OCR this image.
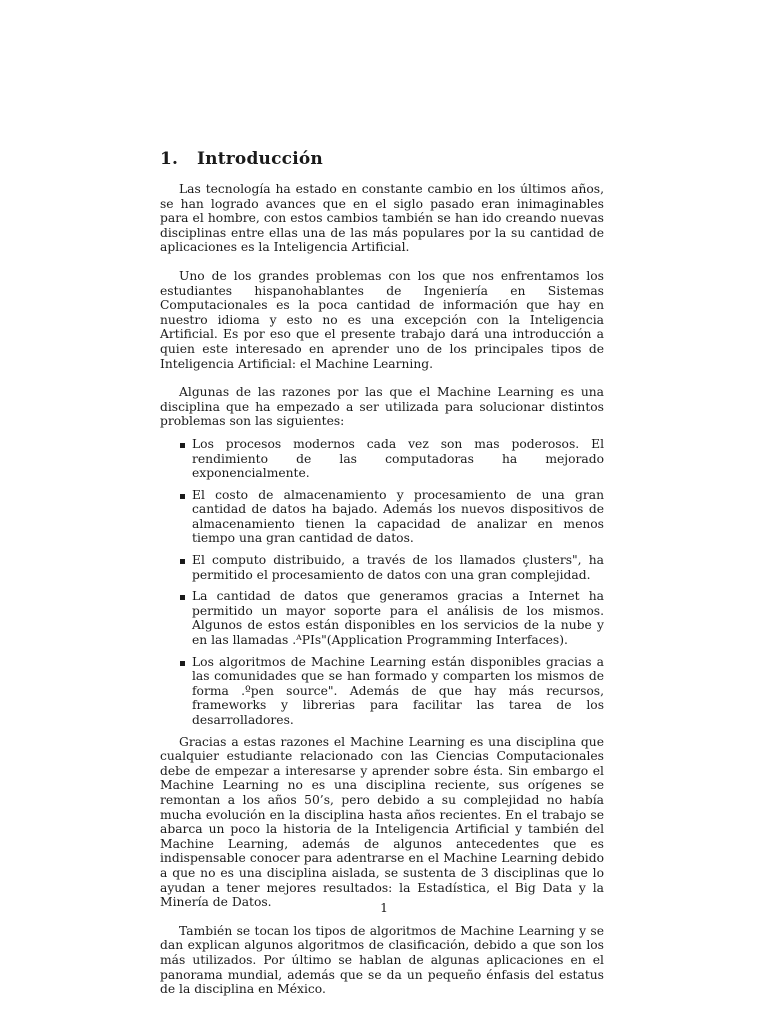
1. Introducción

Las tecnología ha estado en constante cambio en los últimos años, se han logrado avances que en el siglo pasado eran inimaginables para el hombre, con estos cambios también se han ido creando nuevas disciplinas entre ellas una de las más populares por la su cantidad de aplicaciones es la Inteligencia Artificial.

Uno de los grandes problemas con los que nos enfrentamos los estudiantes hispanohablantes de Ingeniería en Sistemas Computacionales es la poca cantidad de información que hay en nuestro idioma y esto no es una excepción con la Inteligencia Artificial. Es por eso que el presente trabajo dará una introducción a quien este interesado en aprender uno de los principales tipos de Inteligencia Artificial: el Machine Learning.

Algunas de las razones por las que el Machine Learning es una disciplina que ha empezado a ser utilizada para solucionar distintos problemas son las siguientes:

Los procesos modernos cada vez son mas poderosos. El rendimiento de las computadoras ha mejorado exponencialmente.
El costo de almacenamiento y procesamiento de una gran cantidad de datos ha bajado. Además los nuevos dispositivos de almacenamiento tienen la capacidad de analizar en menos tiempo una gran cantidad de datos.
El computo distribuido, a través de los llamados çlusters", ha permitido el procesamiento de datos con una gran complejidad.
La cantidad de datos que generamos gracias a Internet ha permitido un mayor soporte para el análisis de los mismos. Algunos de estos están disponibles en los servicios de la nube y en las llamadas .ᴬPIs"(Application Programming Interfaces).
Los algoritmos de Machine Learning están disponibles gracias a las comunidades que se han formado y comparten los mismos de forma .ºpen source". Además de que hay más recursos, frameworks y librerias para facilitar las tarea de los desarrolladores.

Gracias a estas razones el Machine Learning es una disciplina que cualquier estudiante relacionado con las Ciencias Computacionales debe de empezar a interesarse y aprender sobre ésta. Sin embargo el Machine Learning no es una disciplina reciente, sus orígenes se remontan a los años 50’s, pero debido a su complejidad no había mucha evolución en la disciplina hasta años recientes. En el trabajo se abarca un poco la historia de la Inteligencia Artificial y también del Machine Learning, además de algunos antecedentes que es indispensable conocer para adentrarse en el Machine Learning debido a que no es una disciplina aislada, se sustenta de 3 disciplinas que lo ayudan a tener mejores resultados: la Estadística, el Big Data y la Minería de Datos.

También se tocan los tipos de algoritmos de Machine Learning y se dan explican algunos algoritmos de clasificación, debido a que son los más utilizados. Por último se hablan de algunas aplicaciones en el panorama mundial, además que se da un pequeño énfasis del estatus de la disciplina en México.

1
